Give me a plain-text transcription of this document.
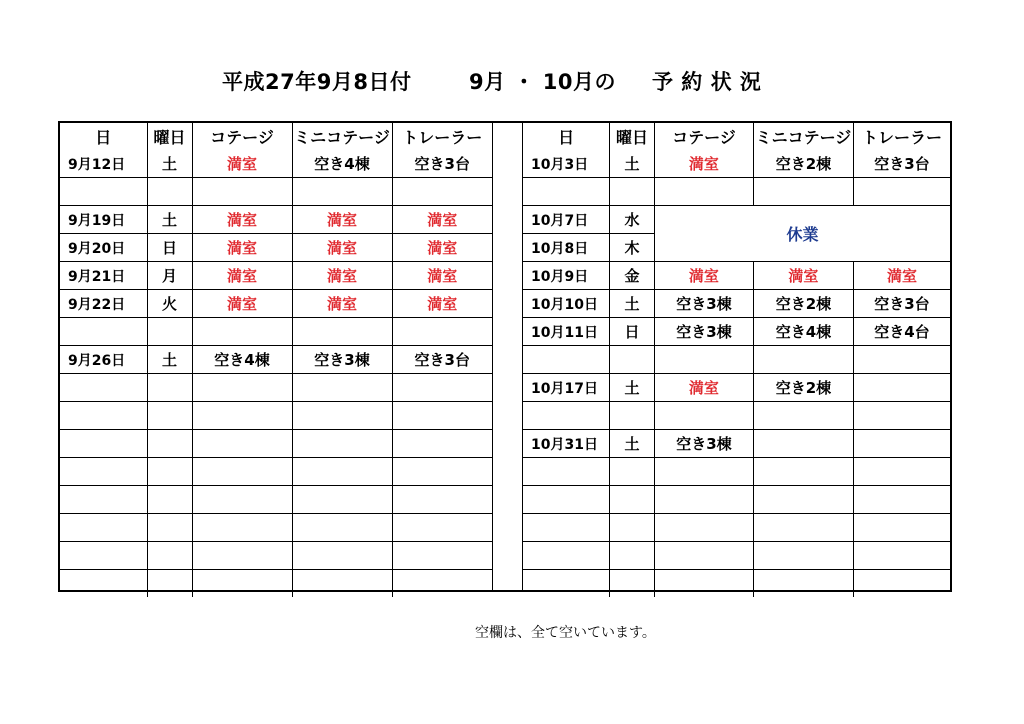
平成27年9月8日付	9月 ・ 10月の 予 約 状 況
日	曜日	コテージ	ミニコテージ	トレーラー
9月12日	土	満室	空き4棟	空き3台

9月19日	土	満室	満室	満室
9月20日	日	満室	満室	満室
9月21日	月	満室	満室	満室
9月22日	火	満室	満室	満室

9月26日	土	空き4棟	空き3棟	空き3台

日	曜日	コテージ	ミニコテージ	トレーラー
10月3日	土	満室	空き2棟	空き3台

10月7日	水	休業		
10月8日	木			
10月9日	金	満室	満室	満室
10月10日	土	空き3棟	空き2棟	空き3台
10月11日	日	空き3棟	空き4棟	空き4台

10月17日	土	満室	空き2棟	

10月31日	土	空き3棟		

空欄は、全て空いています。
